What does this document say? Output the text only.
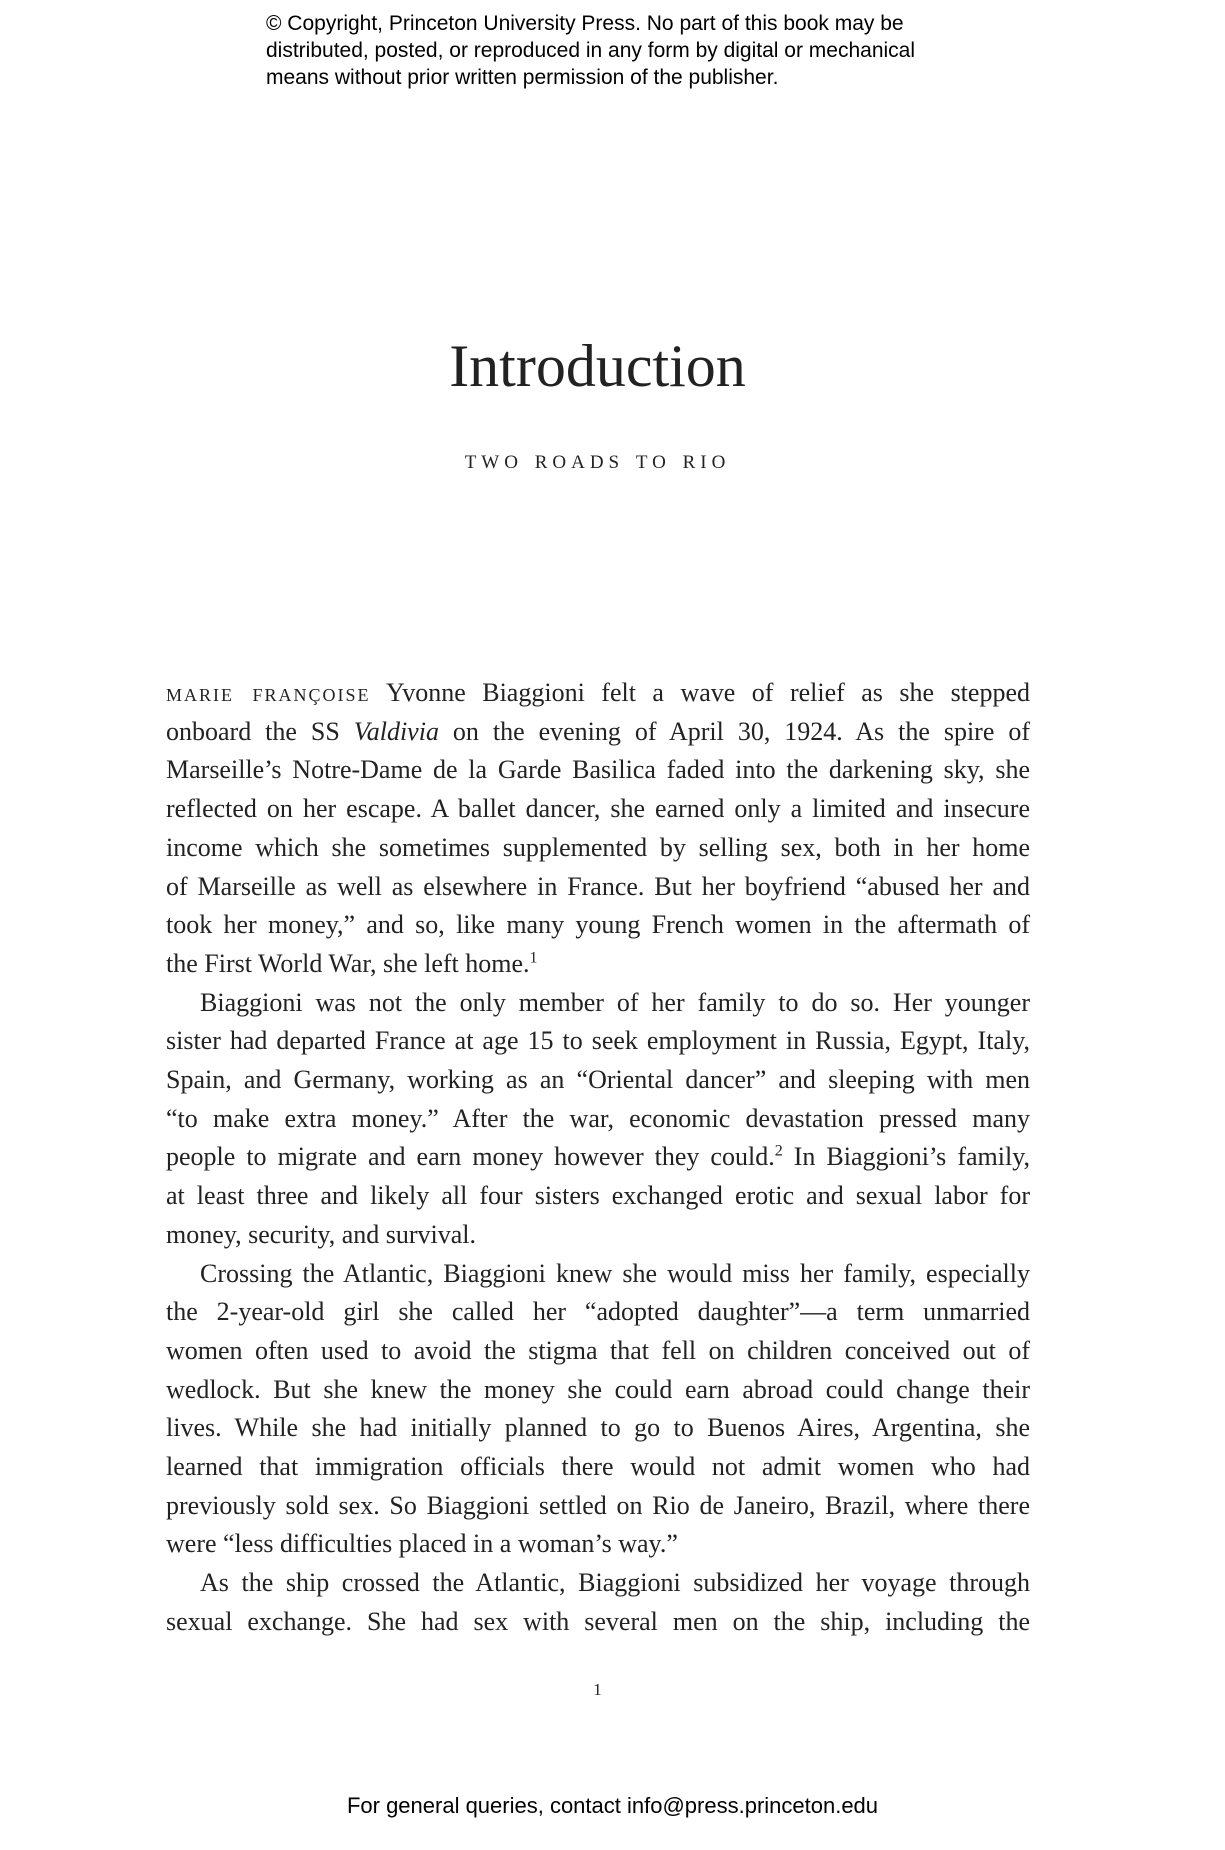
© Copyright, Princeton University Press. No part of this book may be
distributed, posted, or reproduced in any form by digital or mechanical
means without prior written permission of the publisher.
Introduction
two roads to rio
marie françoise Yvonne Biaggioni felt a wave of relief as she stepped
onboard the SS Valdivia on the evening of April 30, 1924. As the spire of
Marseille’s Notre-Dame de la Garde Basilica faded into the darkening sky, she
reflected on her escape. A ballet dancer, she earned only a limited and insecure
income which she sometimes supplemented by selling sex, both in her home
of Marseille as well as elsewhere in France. But her boyfriend “abused her and
took her money,” and so, like many young French women in the aftermath of
the First World War, she left home.$^1$
Biaggioni was not the only member of her family to do so. Her younger
sister had departed France at age 15 to seek employment in Russia, Egypt, Italy,
Spain, and Germany, working as an “Oriental dancer” and sleeping with men
“to make extra money.” After the war, economic devastation pressed many
people to migrate and earn money however they could.$^2$ In Biaggioni’s family,
at least three and likely all four sisters exchanged erotic and sexual labor for
money, security, and survival.
Crossing the Atlantic, Biaggioni knew she would miss her family, especially
the 2-year-old girl she called her “adopted daughter”—a term unmarried
women often used to avoid the stigma that fell on children conceived out of
wedlock. But she knew the money she could earn abroad could change their
lives. While she had initially planned to go to Buenos Aires, Argentina, she
learned that immigration officials there would not admit women who had
previously sold sex. So Biaggioni settled on Rio de Janeiro, Brazil, where there
were “less difficulties placed in a woman’s way.”
As the ship crossed the Atlantic, Biaggioni subsidized her voyage through
sexual exchange. She had sex with several men on the ship, including the
1
For general queries, contact info@press.princeton.edu
